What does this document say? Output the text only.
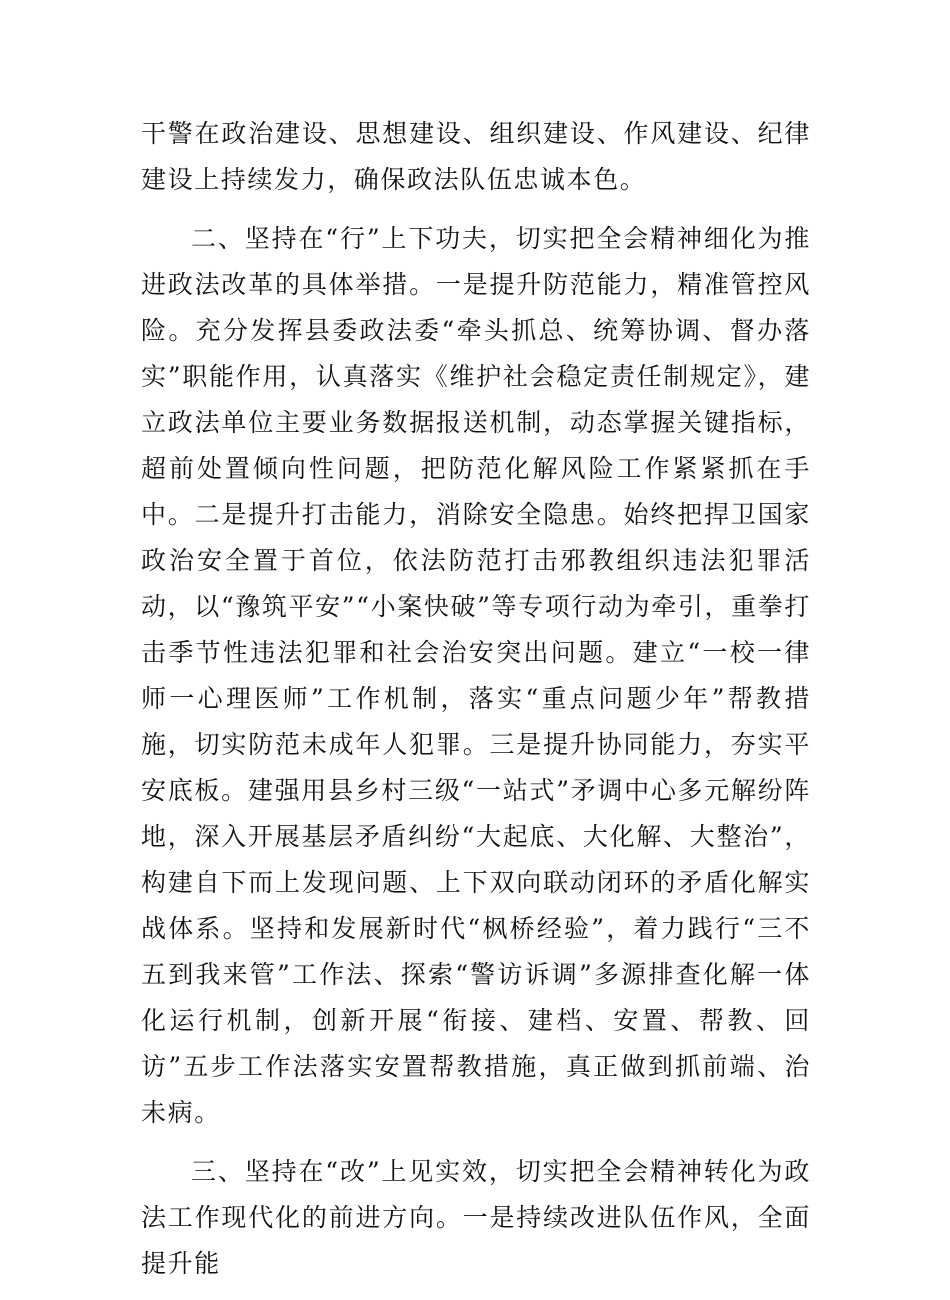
干警在政治建设、思想建设、组织建设、作风建设、纪律建设上持续发力，确保政法队伍忠诚本色。

二、坚持在“行”上下功夫，切实把全会精神细化为推进政法改革的具体举措。一是提升防范能力，精准管控风险。充分发挥县委政法委“牵头抓总、统筹协调、督办落实”职能作用，认真落实《维护社会稳定责任制规定》，建立政法单位主要业务数据报送机制，动态掌握关键指标，超前处置倾向性问题，把防范化解风险工作紧紧抓在手中。二是提升打击能力，消除安全隐患。始终把捍卫国家政治安全置于首位，依法防范打击邪教组织违法犯罪活动，以“豫筑平安”“小案快破”等专项行动为牵引，重拳打击季节性违法犯罪和社会治安突出问题。建立“一校一律师一心理医师”工作机制，落实“重点问题少年”帮教措施，切实防范未成年人犯罪。三是提升协同能力，夯实平安底板。建强用县乡村三级“一站式”矛调中心多元解纷阵地，深入开展基层矛盾纠纷“大起底、大化解、大整治”，构建自下而上发现问题、上下双向联动闭环的矛盾化解实战体系。坚持和发展新时代“枫桥经验”，着力践行“三不五到我来管”工作法、探索“警访诉调”多源排查化解一体化运行机制，创新开展“衔接、建档、安置、帮教、回访”五步工作法落实安置帮教措施，真正做到抓前端、治未病。

三、坚持在“改”上见实效，切实把全会精神转化为政法工作现代化的前进方向。一是持续改进队伍作风，全面提升能
